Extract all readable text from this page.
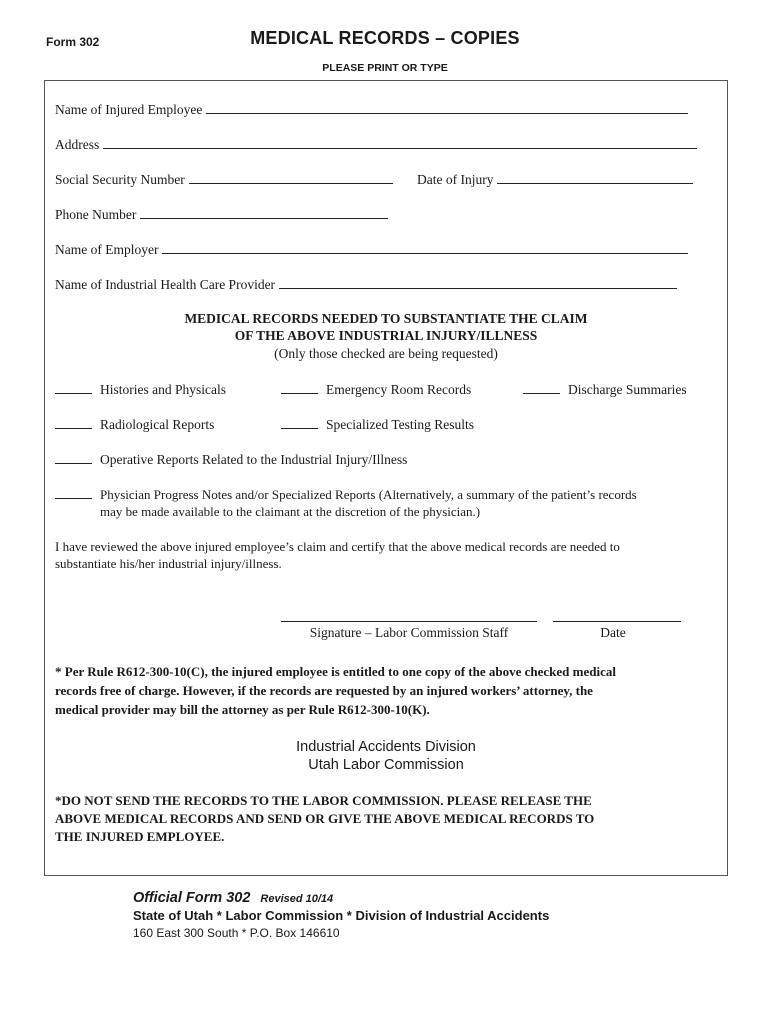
Form 302	MEDICAL RECORDS – COPIES
PLEASE PRINT OR TYPE
Name of Injured Employee
Address
Social Security Number	Date of Injury
Phone Number
Name of Employer
Name of Industrial Health Care Provider
MEDICAL RECORDS NEEDED TO SUBSTANTIATE THE CLAIM
OF THE ABOVE INDUSTRIAL INJURY/ILLNESS
(Only those checked are being requested)
Histories and Physicals	Emergency Room Records	Discharge Summaries
Radiological Reports	Specialized Testing Results
Operative Reports Related to the Industrial Injury/Illness
Physician Progress Notes and/or Specialized Reports (Alternatively, a summary of the patient’s records
may be made available to the claimant at the discretion of the physician.)
I have reviewed the above injured employee’s claim and certify that the above medical records are needed to
substantiate his/her industrial injury/illness.
Signature – Labor Commission Staff	Date
* Per Rule R612-300-10(C), the injured employee is entitled to one copy of the above checked medical
records free of charge. However, if the records are requested by an injured workers’ attorney, the
medical provider may bill the attorney as per Rule R612-300-10(K).
Industrial Accidents Division
Utah Labor Commission
*DO NOT SEND THE RECORDS TO THE LABOR COMMISSION. PLEASE RELEASE THE
ABOVE MEDICAL RECORDS AND SEND OR GIVE THE ABOVE MEDICAL RECORDS TO
THE INJURED EMPLOYEE.
Official Form 302 Revised 10/14
State of Utah * Labor Commission * Division of Industrial Accidents
160 East 300 South * P.O. Box 146610
